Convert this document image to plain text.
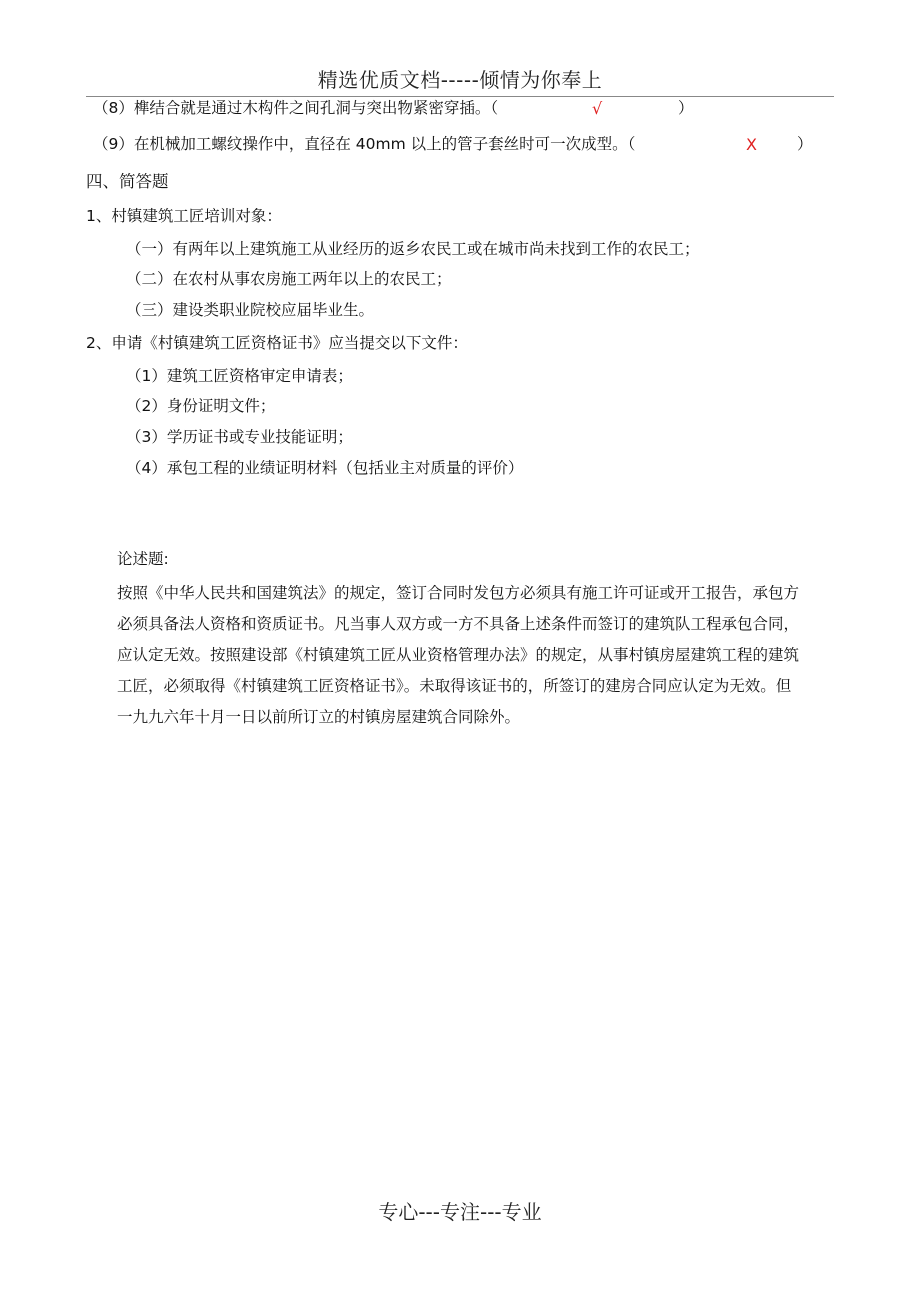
精选优质文档-----倾情为你奉上
（8）榫结合就是通过木构件之间孔洞与突出物紧密穿插。（	√	）
（9）在机械加工螺纹操作中，直径在 40mm 以上的管子套丝时可一次成型。（	X	）
四、简答题
1、村镇建筑工匠培训对象：
（一）有两年以上建筑施工从业经历的返乡农民工或在城市尚未找到工作的农民工；
（二）在农村从事农房施工两年以上的农民工；
（三）建设类职业院校应届毕业生。
2、申请《村镇建筑工匠资格证书》应当提交以下文件：
（1）建筑工匠资格审定申请表；
（2）身份证明文件；
（3）学历证书或专业技能证明；
（4）承包工程的业绩证明材料（包括业主对质量的评价）
论述题:
按照《中华人民共和国建筑法》的规定，签订合同时发包方必须具有施工许可证或开工报告，承包方
必须具备法人资格和资质证书。凡当事人双方或一方不具备上述条件而签订的建筑队工程承包合同，
应认定无效。按照建设部《村镇建筑工匠从业资格管理办法》的规定，从事村镇房屋建筑工程的建筑
工匠，必须取得《村镇建筑工匠资格证书》。未取得该证书的，所签订的建房合同应认定为无效。但
一九九六年十月一日以前所订立的村镇房屋建筑合同除外。
专心---专注---专业
